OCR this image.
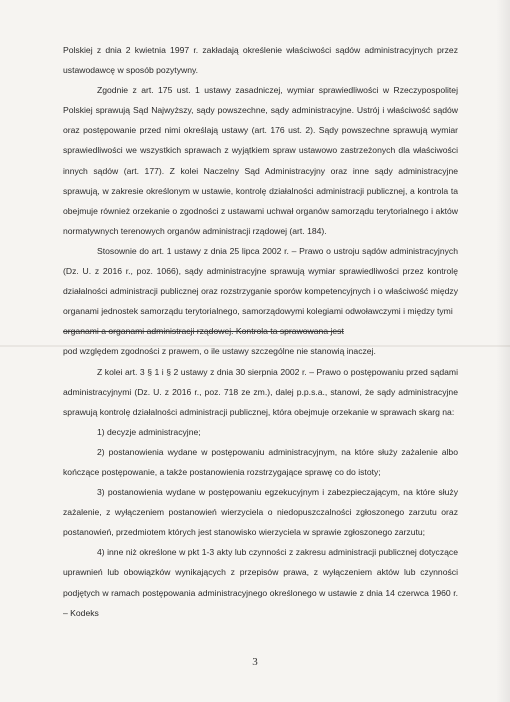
Polskiej z dnia 2 kwietnia 1997 r. zakładają określenie właściwości sądów administracyjnych przez ustawodawcę w sposób pozytywny.

Zgodnie z art. 175 ust. 1 ustawy zasadniczej, wymiar sprawiedliwości w Rzeczypospolitej Polskiej sprawują Sąd Najwyższy, sądy powszechne, sądy administracyjne. Ustrój i właściwość sądów oraz postępowanie przed nimi określają ustawy (art. 176 ust. 2). Sądy powszechne sprawują wymiar sprawiedliwości we wszystkich sprawach z wyjątkiem spraw ustawowo zastrzeżonych dla właściwości innych sądów (art. 177). Z kolei Naczelny Sąd Administracyjny oraz inne sądy administracyjne sprawują, w zakresie określonym w ustawie, kontrolę działalności administracji publicznej, a kontrola ta obejmuje również orzekanie o zgodności z ustawami uchwał organów samorządu terytorialnego i aktów normatywnych terenowych organów administracji rządowej (art. 184).

Stosownie do art. 1 ustawy z dnia 25 lipca 2002 r. – Prawo o ustroju sądów administracyjnych (Dz. U. z 2016 r., poz. 1066), sądy administracyjne sprawują wymiar sprawiedliwości przez kontrolę działalności administracji publicznej oraz rozstrzyganie sporów kompetencyjnych i o właściwość między organami jednostek samorządu terytorialnego, samorządowymi kolegiami odwoławczymi i między tymi

organami a organami administracji rządowej. Kontrola ta sprawowana jest

pod względem zgodności z prawem, o ile ustawy szczególne nie stanowią inaczej.

Z kolei art. 3 § 1 i § 2 ustawy z dnia 30 sierpnia 2002 r. – Prawo o postępowaniu przed sądami administracyjnymi (Dz. U. z 2016 r., poz. 718 ze zm.), dalej p.p.s.a., stanowi, że sądy administracyjne sprawują kontrolę działalności administracji publicznej, która obejmuje orzekanie w sprawach skarg na:

1) decyzje administracyjne;

2) postanowienia wydane w postępowaniu administracyjnym, na które służy zażalenie albo kończące postępowanie, a także postanowienia rozstrzygające sprawę co do istoty;

3) postanowienia wydane w postępowaniu egzekucyjnym i zabezpieczającym, na które służy zażalenie, z wyłączeniem postanowień wierzyciela o niedopuszczalności zgłoszonego zarzutu oraz postanowień, przedmiotem których jest stanowisko wierzyciela w sprawie zgłoszonego zarzutu;

4) inne niż określone w pkt 1-3 akty lub czynności z zakresu administracji publicznej dotyczące uprawnień lub obowiązków wynikających z przepisów prawa, z wyłączeniem aktów lub czynności podjętych w ramach postępowania administracyjnego określonego w ustawie z dnia 14 czerwca 1960 r. – Kodeks

3
